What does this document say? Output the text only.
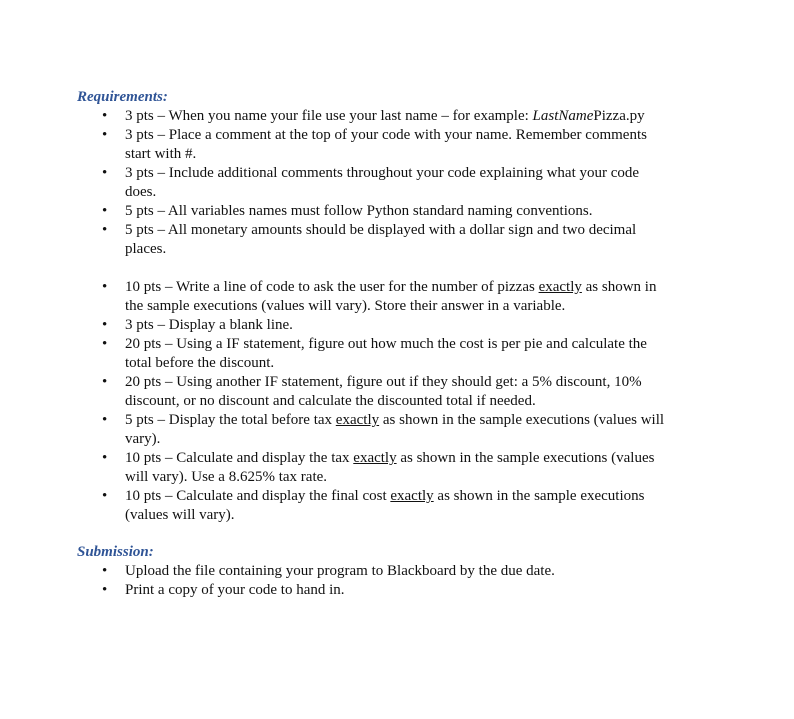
Requirements:
• 3 pts – When you name your file use your last name – for example: LastNamePizza.py
• 3 pts – Place a comment at the top of your code with your name. Remember comments
start with #.
• 3 pts – Include additional comments throughout your code explaining what your code
does.
• 5 pts – All variables names must follow Python standard naming conventions.
• 5 pts – All monetary amounts should be displayed with a dollar sign and two decimal
places.
• 10 pts – Write a line of code to ask the user for the number of pizzas exactly as shown in
the sample executions (values will vary). Store their answer in a variable.
• 3 pts – Display a blank line.
• 20 pts – Using a IF statement, figure out how much the cost is per pie and calculate the
total before the discount.
• 20 pts – Using another IF statement, figure out if they should get: a 5% discount, 10%
discount, or no discount and calculate the discounted total if needed.
• 5 pts – Display the total before tax exactly as shown in the sample executions (values will
vary).
• 10 pts – Calculate and display the tax exactly as shown in the sample executions (values
will vary). Use a 8.625% tax rate.
• 10 pts – Calculate and display the final cost exactly as shown in the sample executions
(values will vary).
Submission:
• Upload the file containing your program to Blackboard by the due date.
• Print a copy of your code to hand in.
